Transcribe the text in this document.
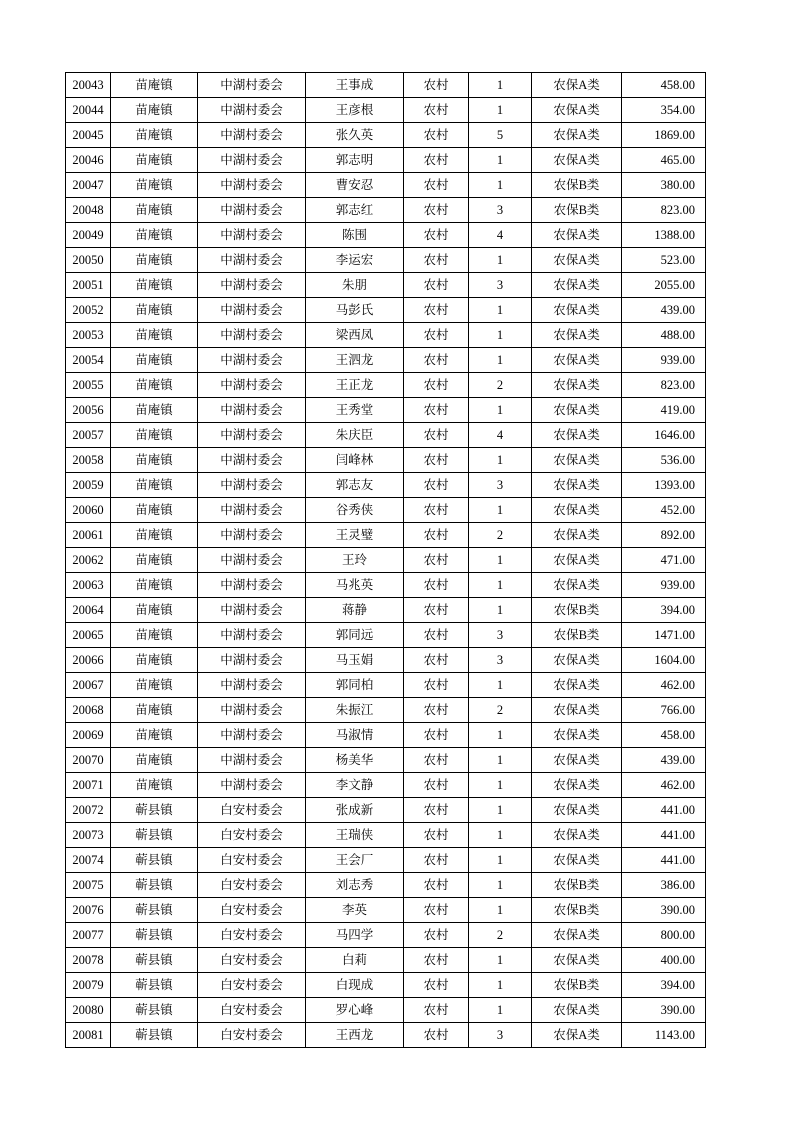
20043	苗庵镇	中湖村委会	王事成	农村	1	农保A类	458.00
20044	苗庵镇	中湖村委会	王彦根	农村	1	农保A类	354.00
20045	苗庵镇	中湖村委会	张久英	农村	5	农保A类	1869.00
20046	苗庵镇	中湖村委会	郭志明	农村	1	农保A类	465.00
20047	苗庵镇	中湖村委会	曹安忍	农村	1	农保B类	380.00
20048	苗庵镇	中湖村委会	郭志红	农村	3	农保B类	823.00
20049	苗庵镇	中湖村委会	陈围	农村	4	农保A类	1388.00
20050	苗庵镇	中湖村委会	李运宏	农村	1	农保A类	523.00
20051	苗庵镇	中湖村委会	朱朋	农村	3	农保A类	2055.00
20052	苗庵镇	中湖村委会	马彭氏	农村	1	农保A类	439.00
20053	苗庵镇	中湖村委会	梁西凤	农村	1	农保A类	488.00
20054	苗庵镇	中湖村委会	王泗龙	农村	1	农保A类	939.00
20055	苗庵镇	中湖村委会	王正龙	农村	2	农保A类	823.00
20056	苗庵镇	中湖村委会	王秀堂	农村	1	农保A类	419.00
20057	苗庵镇	中湖村委会	朱庆臣	农村	4	农保A类	1646.00
20058	苗庵镇	中湖村委会	闫峰林	农村	1	农保A类	536.00
20059	苗庵镇	中湖村委会	郭志友	农村	3	农保A类	1393.00
20060	苗庵镇	中湖村委会	谷秀侠	农村	1	农保A类	452.00
20061	苗庵镇	中湖村委会	王灵璧	农村	2	农保A类	892.00
20062	苗庵镇	中湖村委会	王玲	农村	1	农保A类	471.00
20063	苗庵镇	中湖村委会	马兆英	农村	1	农保A类	939.00
20064	苗庵镇	中湖村委会	蒋静	农村	1	农保B类	394.00
20065	苗庵镇	中湖村委会	郭同远	农村	3	农保B类	1471.00
20066	苗庵镇	中湖村委会	马玉娟	农村	3	农保A类	1604.00
20067	苗庵镇	中湖村委会	郭同柏	农村	1	农保A类	462.00
20068	苗庵镇	中湖村委会	朱振江	农村	2	农保A类	766.00
20069	苗庵镇	中湖村委会	马淑情	农村	1	农保A类	458.00
20070	苗庵镇	中湖村委会	杨美华	农村	1	农保A类	439.00
20071	苗庵镇	中湖村委会	李文静	农村	1	农保A类	462.00
20072	蕲县镇	白安村委会	张成新	农村	1	农保A类	441.00
20073	蕲县镇	白安村委会	王瑞侠	农村	1	农保A类	441.00
20074	蕲县镇	白安村委会	王会厂	农村	1	农保A类	441.00
20075	蕲县镇	白安村委会	刘志秀	农村	1	农保B类	386.00
20076	蕲县镇	白安村委会	李英	农村	1	农保B类	390.00
20077	蕲县镇	白安村委会	马四学	农村	2	农保A类	800.00
20078	蕲县镇	白安村委会	白莉	农村	1	农保A类	400.00
20079	蕲县镇	白安村委会	白现成	农村	1	农保B类	394.00
20080	蕲县镇	白安村委会	罗心峰	农村	1	农保A类	390.00
20081	蕲县镇	白安村委会	王西龙	农村	3	农保A类	1143.00
